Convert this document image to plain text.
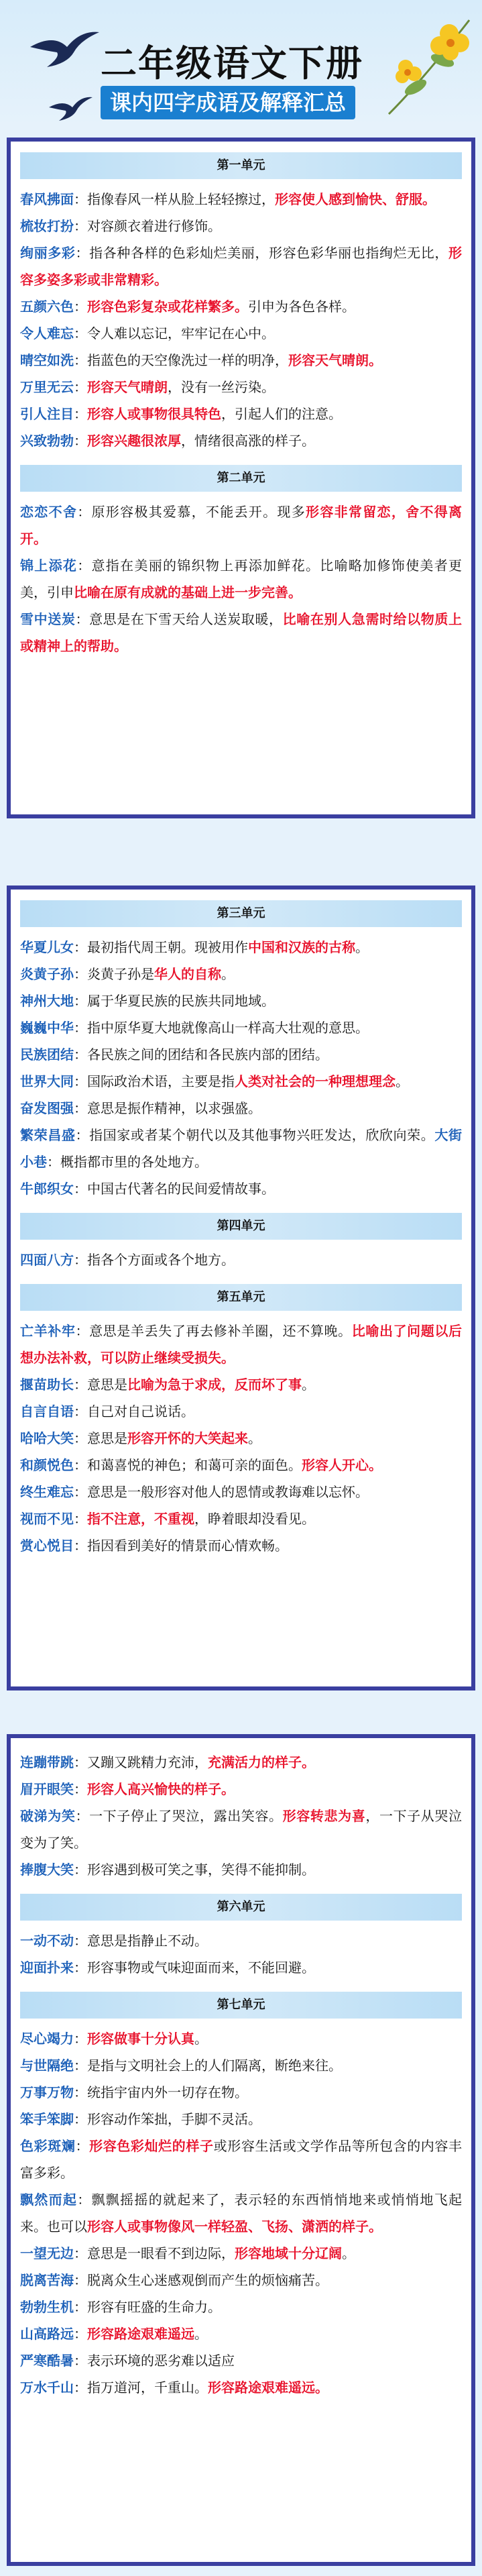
二年级语文下册
课内四字成语及解释汇总
第一单元
春风拂面：指像春风一样从脸上轻轻擦过，形容使人感到愉快、舒服。
梳妆打扮：对容颜衣着进行修饰。
绚丽多彩：指各种各样的色彩灿烂美丽，形容色彩华丽也指绚烂无比，形容多姿多彩或非常精彩。
五颜六色：形容色彩复杂或花样繁多。引申为各色各样。
令人难忘：令人难以忘记，牢牢记在心中。
晴空如洗：指蓝色的天空像洗过一样的明净，形容天气晴朗。
万里无云：形容天气晴朗，没有一丝污染。
引人注目：形容人或事物很具特色，引起人们的注意。
兴致勃勃：形容兴趣很浓厚，情绪很高涨的样子。
第二单元
恋恋不舍：原形容极其爱慕，不能丢开。现多形容非常留恋，舍不得离开。
锦上添花：意指在美丽的锦织物上再添加鲜花。比喻略加修饰使美者更美，引申比喻在原有成就的基础上进一步完善。
雪中送炭：意思是在下雪天给人送炭取暖，比喻在别人急需时给以物质上或精神上的帮助。
第三单元
华夏儿女：最初指代周王朝。现被用作中国和汉族的古称。
炎黄子孙：炎黄子孙是华人的自称。
神州大地：属于华夏民族的民族共同地域。
巍巍中华：指中原华夏大地就像高山一样高大壮观的意思。
民族团结：各民族之间的团结和各民族内部的团结。
世界大同：国际政治术语，主要是指人类对社会的一种理想理念。
奋发图强：意思是振作精神，以求强盛。
繁荣昌盛：指国家或者某个朝代以及其他事物兴旺发达，欣欣向荣。大街小巷：概指都市里的各处地方。
牛郎织女：中国古代著名的民间爱情故事。
第四单元
四面八方：指各个方面或各个地方。
第五单元
亡羊补牢：意思是羊丢失了再去修补羊圈，还不算晚。比喻出了问题以后想办法补救，可以防止继续受损失。
揠苗助长：意思是比喻为急于求成，反而坏了事。
自言自语：自己对自己说话。
哈哈大笑：意思是形容开怀的大笑起来。
和颜悦色：和蔼喜悦的神色；和蔼可亲的面色。形容人开心。
终生难忘：意思是一般形容对他人的恩情或教诲难以忘怀。
视而不见：指不注意，不重视，睁着眼却没看见。
赏心悦目：指因看到美好的情景而心情欢畅。
连蹦带跳：又蹦又跳精力充沛，充满活力的样子。
眉开眼笑：形容人高兴愉快的样子。
破涕为笑：一下子停止了哭泣，露出笑容。形容转悲为喜，一下子从哭泣变为了笑。
捧腹大笑：形容遇到极可笑之事，笑得不能抑制。
第六单元
一动不动：意思是指静止不动。
迎面扑来：形容事物或气味迎面而来，不能回避。
第七单元
尽心竭力：形容做事十分认真。
与世隔绝：是指与文明社会上的人们隔离，断绝来往。
万事万物：统指宇宙内外一切存在物。
笨手笨脚：形容动作笨拙，手脚不灵活。
色彩斑斓：形容色彩灿烂的样子或形容生活或文学作品等所包含的内容丰富多彩。
飘然而起：飘飘摇摇的就起来了，表示轻的东西悄悄地来或悄悄地飞起来。也可以形容人或事物像风一样轻盈、飞扬、潇洒的样子。
一望无边：意思是一眼看不到边际，形容地域十分辽阔。
脱离苦海：脱离众生心迷感观倒而产生的烦恼痛苦。
勃勃生机：形容有旺盛的生命力。
山高路远：形容路途艰难遥远。
严寒酷暑：表示环境的恶劣难以适应
万水千山：指万道河，千重山。形容路途艰难遥远。
